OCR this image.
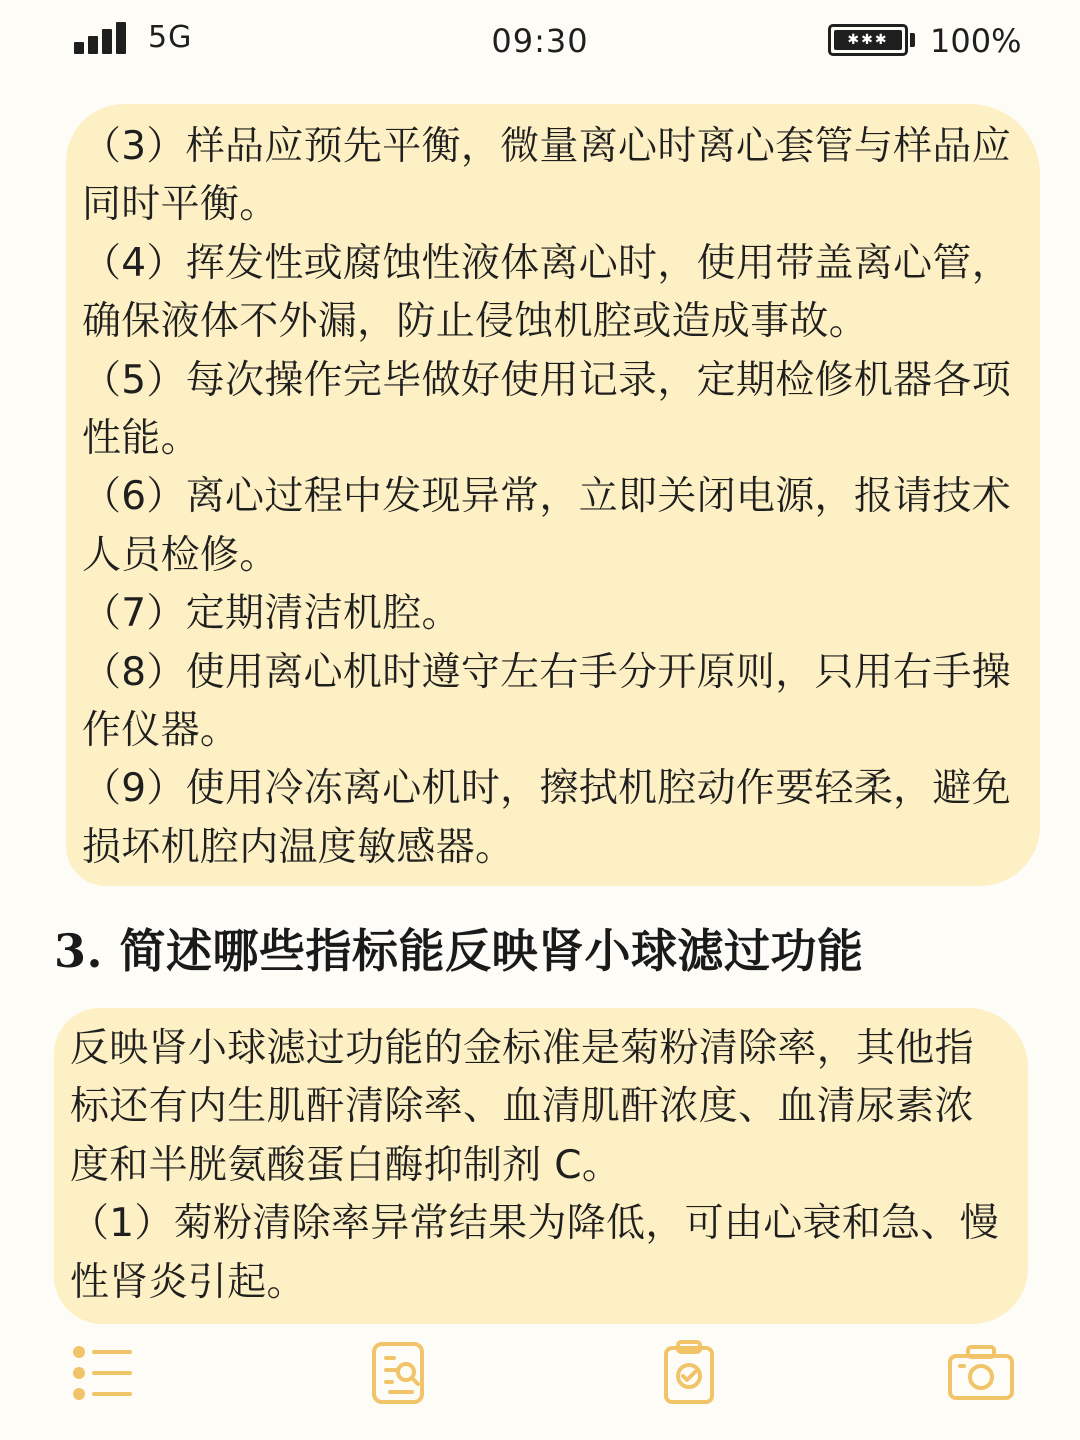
5G	09:30	✱✱✱	100%

（3）样品应预先平衡，微量离心时离心套管与样品应同时平衡。

（4）挥发性或腐蚀性液体离心时，使用带盖离心管，确保液体不外漏，防止侵蚀机腔或造成事故。

（5）每次操作完毕做好使用记录，定期检修机器各项性能。

（6）离心过程中发现异常，立即关闭电源，报请技术人员检修。

（7）定期清洁机腔。

（8）使用离心机时遵守左右手分开原则，只用右手操作仪器。

（9）使用冷冻离心机时，擦拭机腔动作要轻柔，避免损坏机腔内温度敏感器。

3. 简述哪些指标能反映肾小球滤过功能

反映肾小球滤过功能的金标准是菊粉清除率，其他指标还有内生肌酐清除率、血清肌酐浓度、血清尿素浓度和半胱氨酸蛋白酶抑制剂 C。

（1）菊粉清除率异常结果为降低，可由心衰和急、慢性肾炎引起。
